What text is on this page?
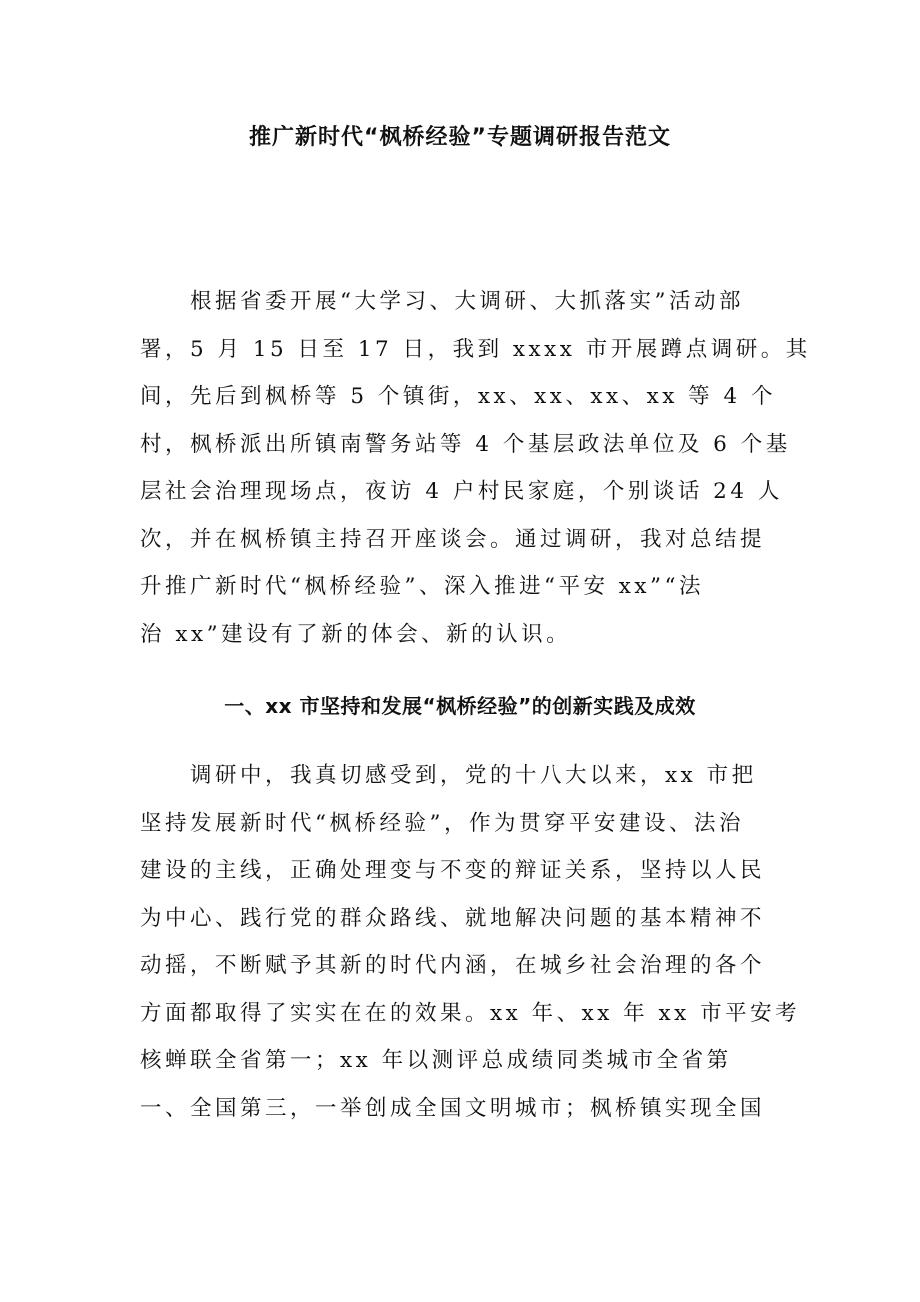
推广新时代“枫桥经验”专题调研报告范文
　　根据省委开展“大学习、大调研、大抓落实”活动部
署，5 月 15 日至 17 日，我到 xxxx 市开展蹲点调研。其
间，先后到枫桥等 5 个镇街，xx、xx、xx、xx 等 4 个
村，枫桥派出所镇南警务站等 4 个基层政法单位及 6 个基
层社会治理现场点，夜访 4 户村民家庭，个别谈话 24 人
次，并在枫桥镇主持召开座谈会。通过调研，我对总结提
升推广新时代“枫桥经验”、深入推进“平安 xx”“法
治 xx”建设有了新的体会、新的认识。
一、xx 市坚持和发展“枫桥经验”的创新实践及成效
　　调研中，我真切感受到，党的十八大以来，xx 市把
坚持发展新时代“枫桥经验”，作为贯穿平安建设、法治
建设的主线，正确处理变与不变的辩证关系，坚持以人民
为中心、践行党的群众路线、就地解决问题的基本精神不
动摇，不断赋予其新的时代内涵，在城乡社会治理的各个
方面都取得了实实在在的效果。xx 年、xx 年 xx 市平安考
核蝉联全省第一；xx 年以测评总成绩同类城市全省第
一、全国第三，一举创成全国文明城市；枫桥镇实现全国
